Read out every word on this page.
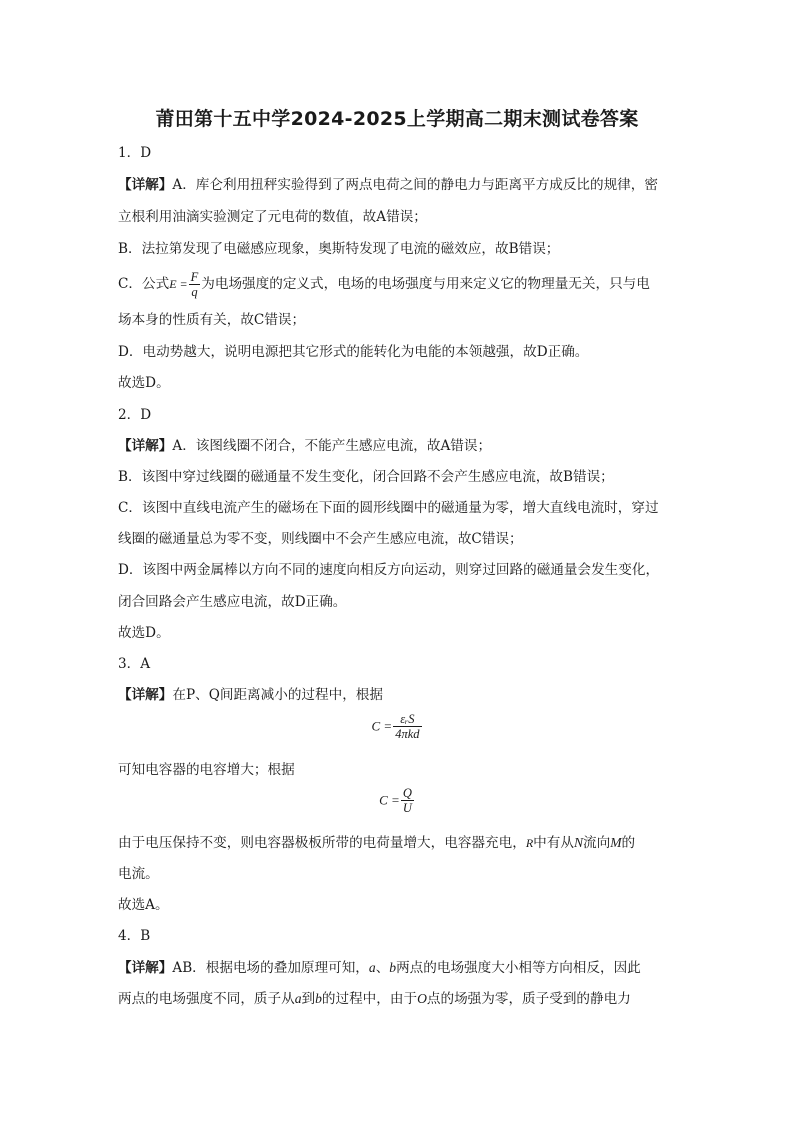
莆田第十五中学2024-2025上学期高二期末测试卷答案
1．D
【详解】A．库仑利用扭秤实验得到了两点电荷之间的静电力与距离平方成反比的规律，密
立根利用油滴实验测定了元电荷的数值，故A错误；
B．法拉第发现了电磁感应现象，奥斯特发现了电流的磁效应，故B错误；
C．公式$E = \frac{F}{q}$ 为电场强度的定义式，电场的电场强度与用来定义它的物理量无关，只与电
场本身的性质有关，故C错误；
D．电动势越大，说明电源把其它形式的能转化为电能的本领越强，故D正确。
故选D。
2．D
【详解】A．该图线圈不闭合，不能产生感应电流，故A错误；
B．该图中穿过线圈的磁通量不发生变化，闭合回路不会产生感应电流，故B错误；
C．该图中直线电流产生的磁场在下面的圆形线圈中的磁通量为零，增大直线电流时，穿过
线圈的磁通量总为零不变，则线圈中不会产生感应电流，故C错误；
D．该图中两金属棒以方向不同的速度向相反方向运动，则穿过回路的磁通量会发生变化，
闭合回路会产生感应电流，故D正确。
故选D。
3．A
【详解】在P、Q间距离减小的过程中，根据
$C = \frac{\text{εᵣS}}{\text{4πkd}}$
可知电容器的电容增大；根据
$C = \frac{Q}{U}$
由于电压保持不变，则电容器极板所带的电荷量增大，电容器充电，R中有从N流向M的
电流。
故选A。
4．B
【详解】AB．根据电场的叠加原理可知，a、b两点的电场强度大小相等方向相反，因此
两点的电场强度不同，质子从a到b的过程中，由于O点的场强为零，质子受到的静电力
